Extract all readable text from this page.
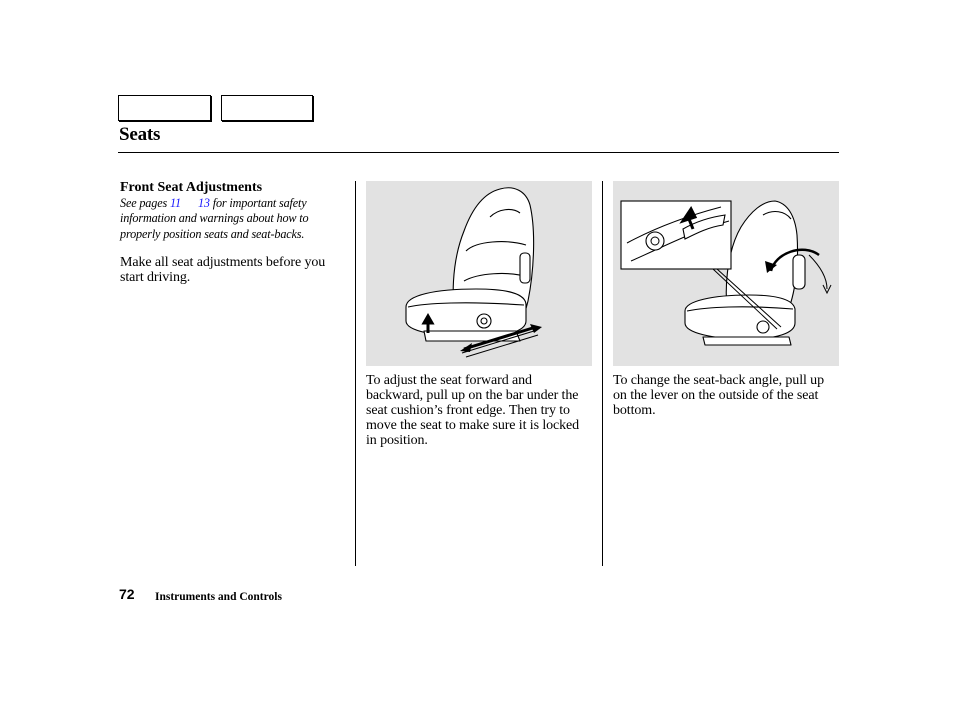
Seats
Front Seat Adjustments
See pages 11 13 for important safety information and warnings about how to properly position seats and seat-backs.
Make all seat adjustments before you start driving.
To adjust the seat forward and backward, pull up on the bar under the seat cushion’s front edge. Then try to move the seat to make sure it is locked in position.
To change the seat-back angle, pull up on the lever on the outside of the seat bottom.
72 Instruments and Controls
